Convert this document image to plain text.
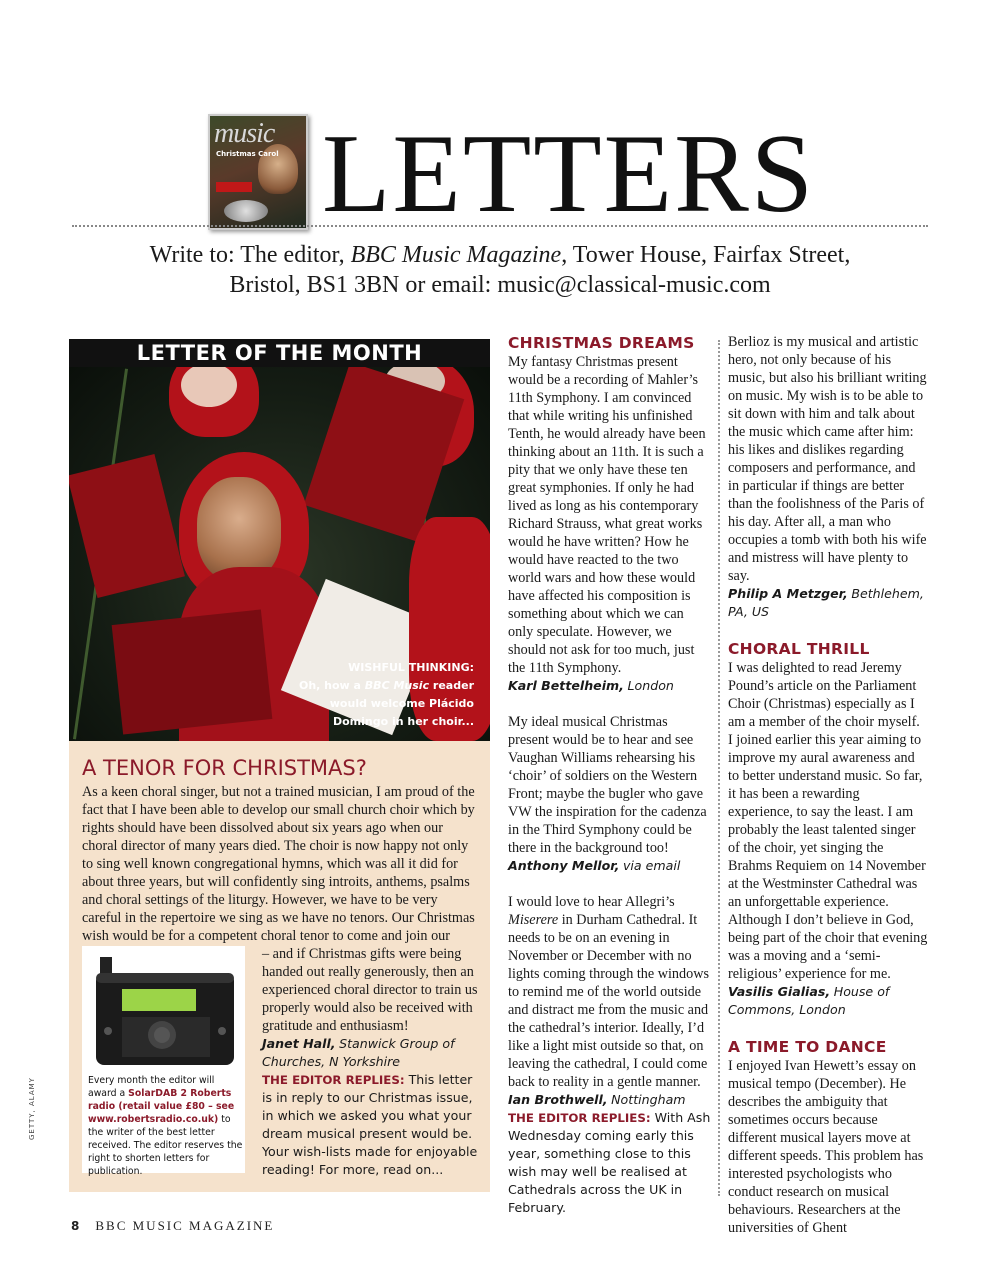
music
Christmas Carol LETTERS
Write to: The editor, BBC Music Magazine, Tower House, Fairfax Street,
Bristol, BS1 3BN or email: music@classical-music.com
LETTER OF THE MONTH
WISHFUL THINKING:
Oh, how a BBC Music reader would welcome Plácido Domingo in her choir...
A TENOR FOR CHRISTMAS?
As a keen choral singer, but not a trained musician, I am proud of the fact that I have been able to develop our small church choir which by rights should have been dissolved about six years ago when our choral director of many years died. The choir is now happy not only to sing well known congregational hymns, which was all it did for about three years, but will confidently sing introits, anthems, psalms and choral settings of the liturgy. However, we have to be very careful in the repertoire we sing as we have no tenors. Our Christmas wish would be for a competent choral tenor to come and join our
Every month the editor will award a SolarDAB 2 Roberts radio (retail value £80 – see www.robertsradio.co.uk) to the writer of the best letter received. The editor reserves the right to shorten letters for publication.
– and if Christmas gifts were being handed out really generously, then an experienced choral director to train us properly would also be received with gratitude and enthusiasm!
Janet Hall, Stanwick Group of Churches, N Yorkshire
THE EDITOR REPLIES: This letter is in reply to our Christmas issue, in which we asked you what your dream musical present would be. Your wish-lists made for enjoyable reading! For more, read on...
GETTY, ALAMY

CHRISTMAS DREAMS

My fantasy Christmas present would be a recording of Mahler’s 11th Symphony. I am convinced that while writing his unfinished Tenth, he would already have been thinking about an 11th. It is such a pity that we only have these ten great symphonies. If only he had lived as long as his contemporary Richard Strauss, what great works would he have written? How he would have reacted to the two world wars and how these would have affected his composition is something about which we can only speculate. However, we should not ask for too much, just the 11th Symphony.

Karl Bettelheim, London

My ideal musical Christmas present would be to hear and see Vaughan Williams rehearsing his ‘choir’ of soldiers on the Western Front; maybe the bugler who gave VW the inspiration for the cadenza in the Third Symphony could be there in the background too!

Anthony Mellor, via email

I would love to hear Allegri’s Miserere in Durham Cathedral. It needs to be on an evening in November or December with no lights coming through the windows to remind me of the world outside and distract me from the music and the cathedral’s interior. Ideally, I’d like a light mist outside so that, on leaving the cathedral, I could come back to reality in a gentle manner.

Ian Brothwell, Nottingham

THE EDITOR REPLIES: With Ash Wednesday coming early this year, something close to this wish may well be realised at Cathedrals across the UK in February.

Berlioz is my musical and artistic hero, not only because of his music, but also his brilliant writing on music. My wish is to be able to sit down with him and talk about the music which came after him: his likes and dislikes regarding composers and performance, and in particular if things are better than the foolishness of the Paris of his day. After all, a man who occupies a tomb with both his wife and mistress will have plenty to say.

Philip A Metzger, Bethlehem, PA, US

CHORAL THRILL

I was delighted to read Jeremy Pound’s article on the Parliament Choir (Christmas) especially as I am a member of the choir myself. I joined earlier this year aiming to improve my aural awareness and to better understand music. So far, it has been a rewarding experience, to say the least. I am probably the least talented singer of the choir, yet singing the Brahms Requiem on 14 November at the Westminster Cathedral was an unforgettable experience. Although I don’t believe in God, being part of the choir that evening was a moving and a ‘semi-religious’ experience for me.

Vasilis Gialias, House of Commons, London

A TIME TO DANCE

I enjoyed Ivan Hewett’s essay on musical tempo (December). He describes the ambiguity that sometimes occurs because different musical layers move at different speeds. This problem has interested psychologists who conduct research on musical behaviours. Researchers at the universities of Ghent

8 BBC MUSIC MAGAZINE
